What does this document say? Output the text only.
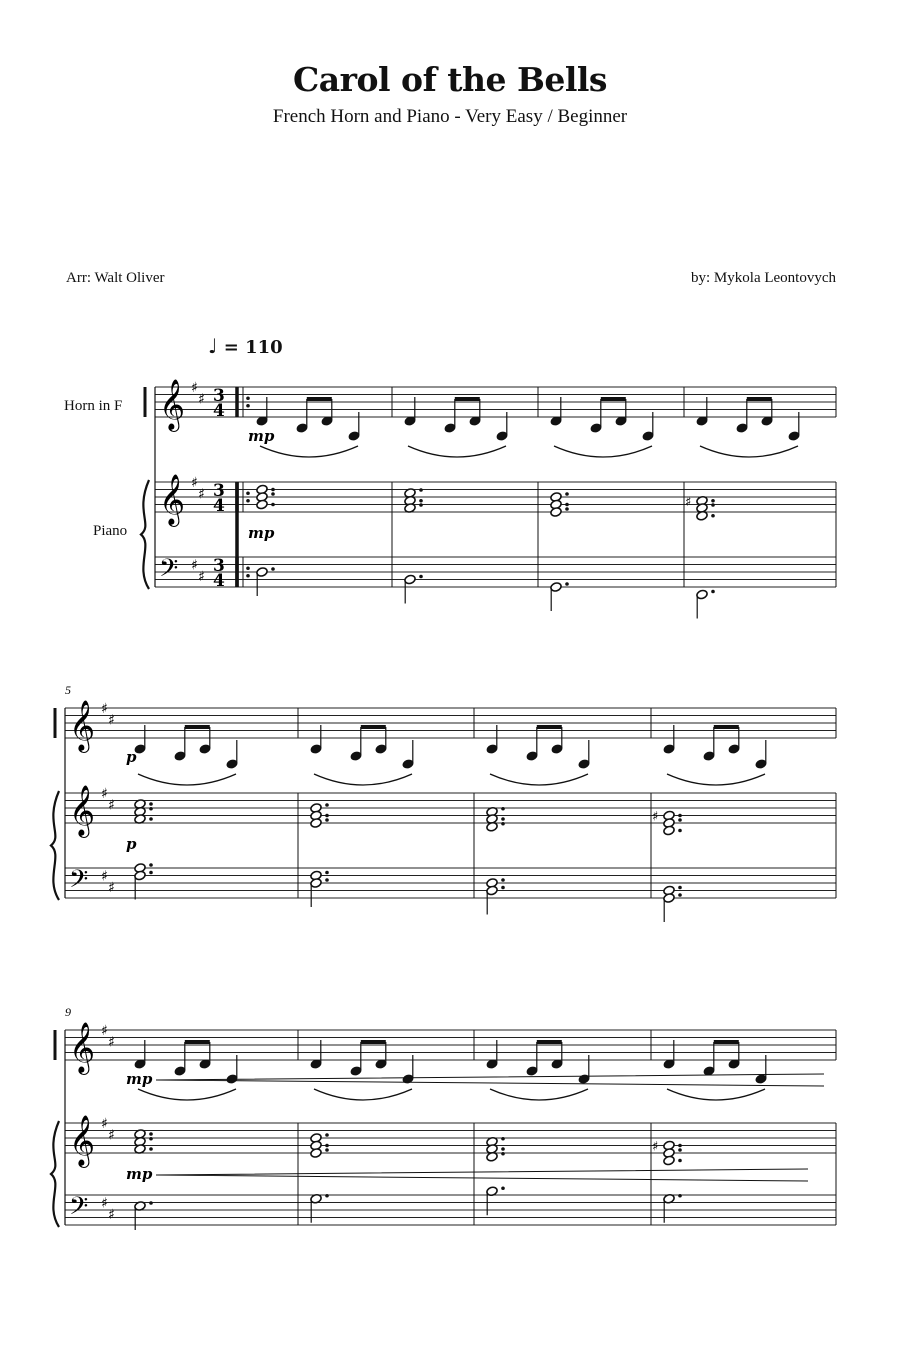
Carol of the Bells
French Horn and Piano - Very Easy / Beginner
Arr: Walt Oliver	by: Mykola Leontovych
♩ = 110
Horn in F
Piano
𝄞
𝄞
𝄢
♯
♯
♯
♯
♯
♯
3
4
3
4
3
4
♯
mp
mp
𝄞
𝄞
𝄢
♯
♯
♯
♯
♯
♯
5
♯
p
p
𝄞
𝄞
𝄢
♯
♯
♯
♯
♯
♯
9
♯
mp
mp
